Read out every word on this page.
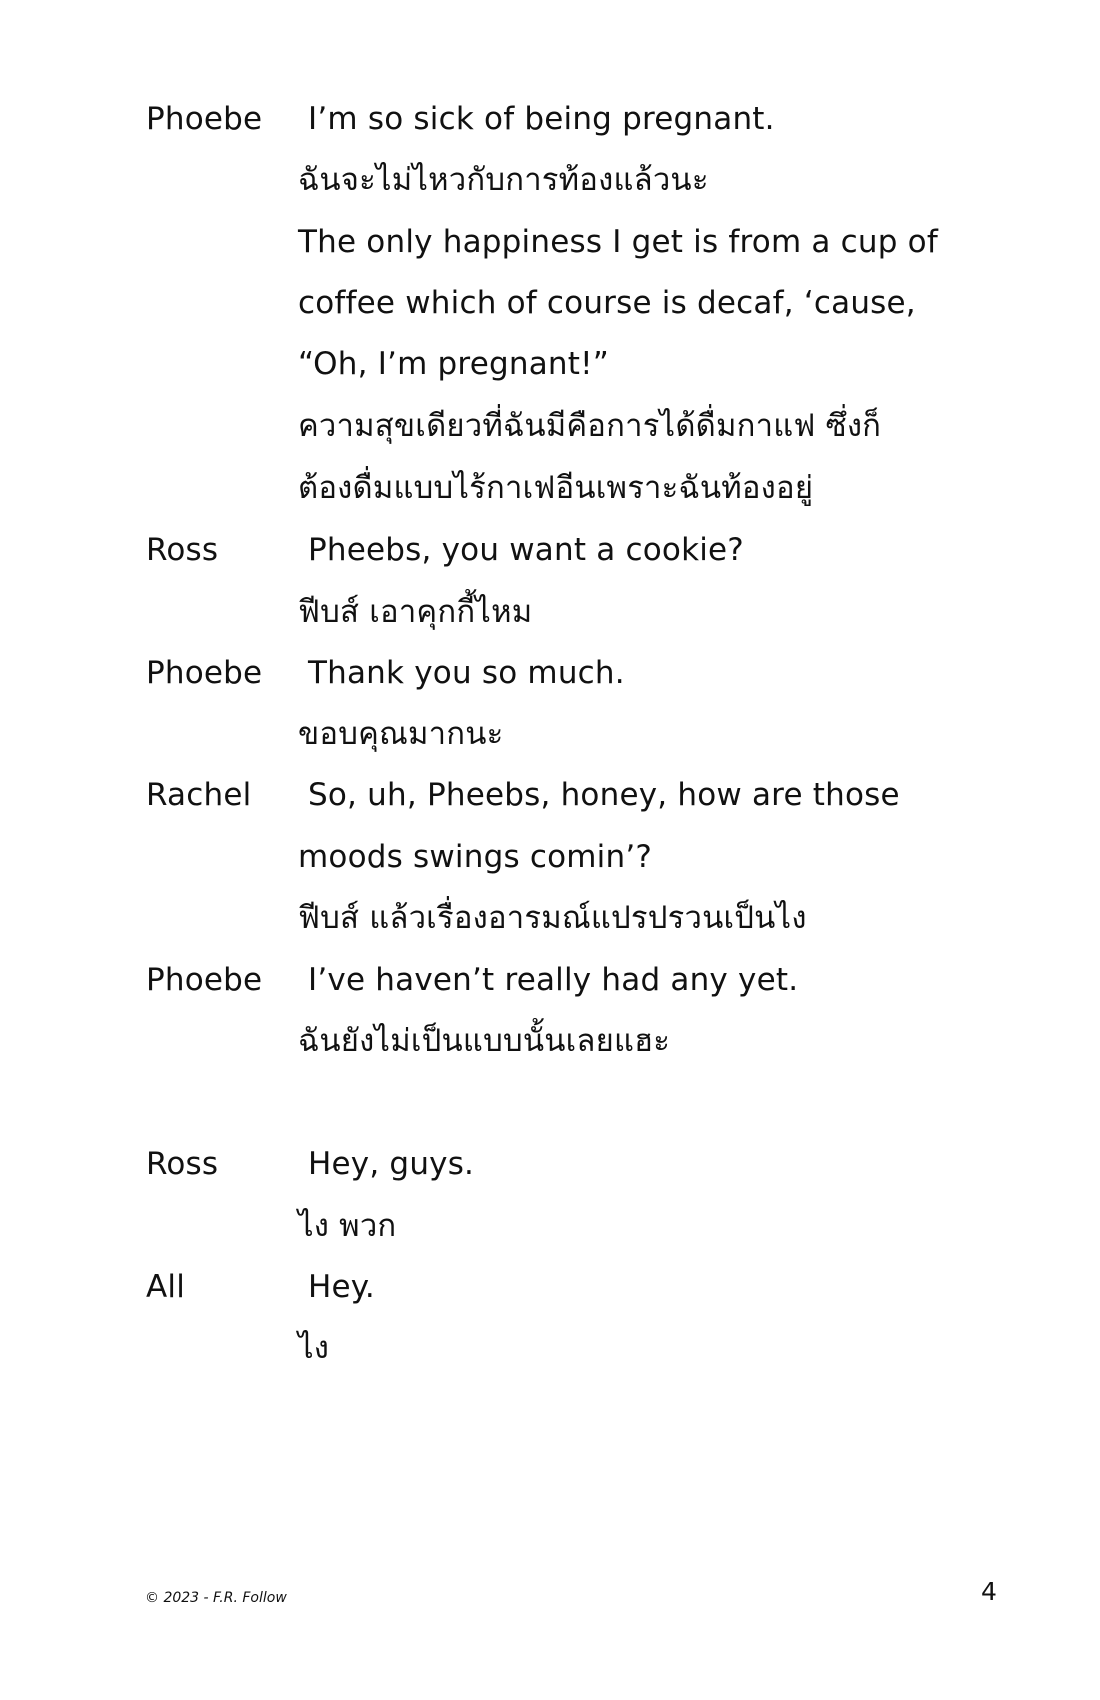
Phoebe I’m so sick of being pregnant.
ฉันจะไม่ไหวกับการท้องแล้วนะ
The only happiness I get is from a cup of
coffee which of course is decaf, ‘cause,
“Oh, I’m pregnant!”
ความสุขเดียวที่ฉันมีคือการได้ดื่มกาแฟ ซึ่งก็
ต้องดื่มแบบไร้กาเฟอีนเพราะฉันท้องอยู่
Ross	Pheebs, you want a cookie?
ฟีบส์ เอาคุกกี้ไหม
Phoebe Thank you so much.
ขอบคุณมากนะ
Rachel So, uh, Pheebs, honey, how are those
moods swings comin’?
ฟีบส์ แล้วเรื่องอารมณ์แปรปรวนเป็นไง
Phoebe I’ve haven’t really had any yet.
ฉันยังไม่เป็นแบบนั้นเลยแฮะ
Ross	Hey, guys.
ไง พวก
All	Hey.
ไง
© 2023 - F.R. Follow	4
